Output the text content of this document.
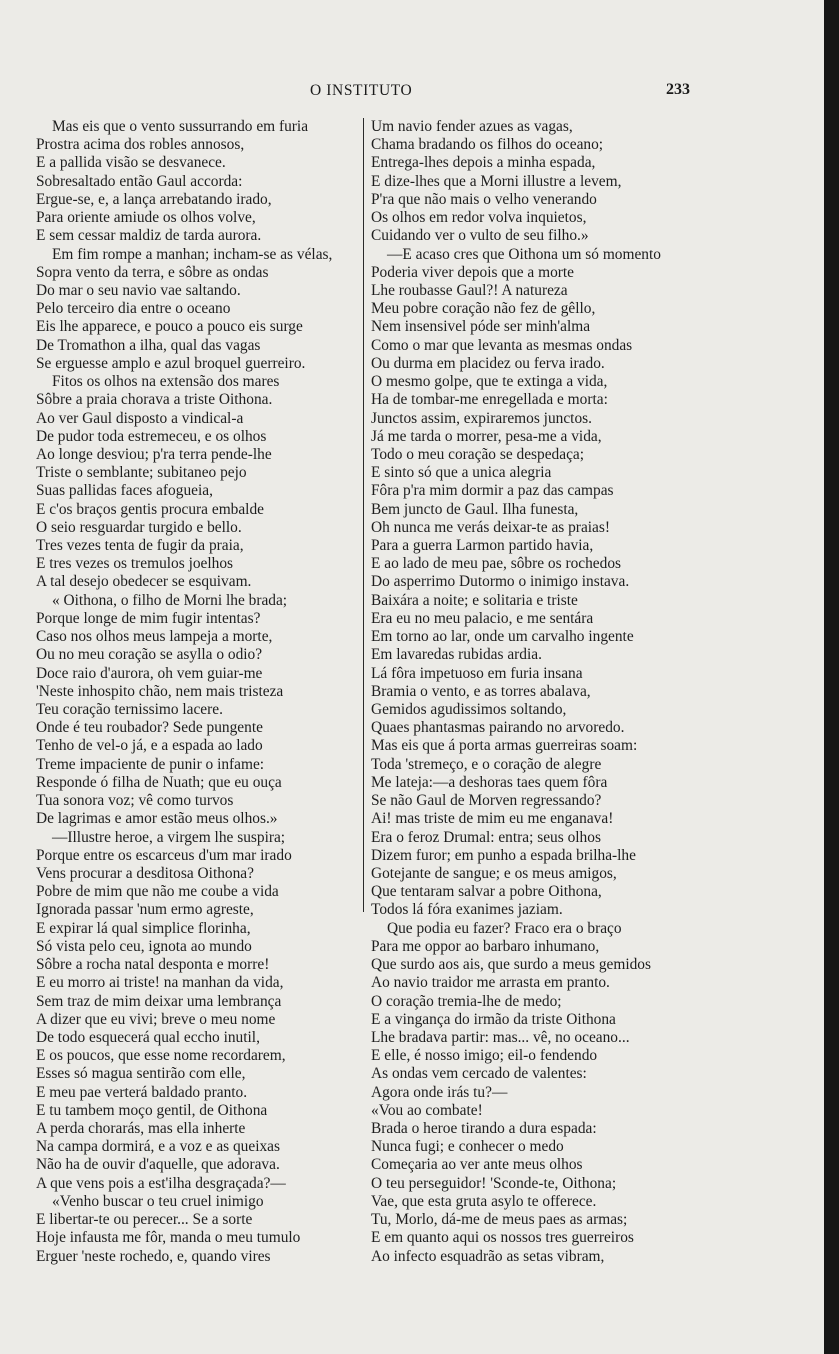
O INSTITUTO	233
Mas eis que o vento sussurrando em furia
Prostra acima dos robles annosos,
E a pallida visão se desvanece.
Sobresaltado então Gaul accorda:
Ergue-se, e, a lança arrebatando irado,
Para oriente amiude os olhos volve,
E sem cessar maldiz de tarda aurora.
Em fim rompe a manhan; incham-se as vélas,
Sopra vento da terra, e sôbre as ondas
Do mar o seu navio vae saltando.
Pelo terceiro dia entre o oceano
Eis lhe apparece, e pouco a pouco eis surge
De Tromathon a ilha, qual das vagas
Se erguesse amplo e azul broquel guerreiro.
Fitos os olhos na extensão dos mares
Sôbre a praia chorava a triste Oithona.
Ao ver Gaul disposto a vindical-a
De pudor toda estremeceu, e os olhos
Ao longe desviou; p'ra terra pende-lhe
Triste o semblante; subitaneo pejo
Suas pallidas faces afogueia,
E c'os braços gentis procura embalde
O seio resguardar turgido e bello.
Tres vezes tenta de fugir da praia,
E tres vezes os tremulos joelhos
A tal desejo obedecer se esquivam.
« Oithona, o filho de Morni lhe brada;
Porque longe de mim fugir intentas?
Caso nos olhos meus lampeja a morte,
Ou no meu coração se asylla o odio?
Doce raio d'aurora, oh vem guiar-me
'Neste inhospito chão, nem mais tristeza
Teu coração ternissimo lacere.
Onde é teu roubador? Sede pungente
Tenho de vel-o já, e a espada ao lado
Treme impaciente de punir o infame:
Responde ó filha de Nuath; que eu ouça
Tua sonora voz; vê como turvos
De lagrimas e amor estão meus olhos.»
—Illustre heroe, a virgem lhe suspira;
Porque entre os escarceus d'um mar irado
Vens procurar a desditosa Oithona?
Pobre de mim que não me coube a vida
Ignorada passar 'num ermo agreste,
E expirar lá qual simplice florinha,
Só vista pelo ceu, ignota ao mundo
Sôbre a rocha natal desponta e morre!
E eu morro ai triste! na manhan da vida,
Sem traz de mim deixar uma lembrança
A dizer que eu vivi; breve o meu nome
De todo esquecerá qual eccho inutil,
E os poucos, que esse nome recordarem,
Esses só magua sentirão com elle,
E meu pae verterá baldado pranto.
E tu tambem moço gentil, de Oithona
A perda chorarás, mas ella inherte
Na campa dormirá, e a voz e as queixas
Não ha de ouvir d'aquelle, que adorava.
A que vens pois a est'ilha desgraçada?—
«Venho buscar o teu cruel inimigo
E libertar-te ou perecer... Se a sorte
Hoje infausta me fôr, manda o meu tumulo
Erguer 'neste rochedo, e, quando vires
Um navio fender azues as vagas,
Chama bradando os filhos do oceano;
Entrega-lhes depois a minha espada,
E dize-lhes que a Morni illustre a levem,
P'ra que não mais o velho venerando
Os olhos em redor volva inquietos,
Cuidando ver o vulto de seu filho.»
—E acaso cres que Oithona um só momento
Poderia viver depois que a morte
Lhe roubasse Gaul?! A natureza
Meu pobre coração não fez de gêllo,
Nem insensivel póde ser minh'alma
Como o mar que levanta as mesmas ondas
Ou durma em placidez ou ferva irado.
O mesmo golpe, que te extinga a vida,
Ha de tombar-me enregellada e morta:
Junctos assim, expiraremos junctos.
Já me tarda o morrer, pesa-me a vida,
Todo o meu coração se despedaça;
E sinto só que a unica alegria
Fôra p'ra mim dormir a paz das campas
Bem juncto de Gaul. Ilha funesta,
Oh nunca me verás deixar-te as praias!
Para a guerra Larmon partido havia,
E ao lado de meu pae, sôbre os rochedos
Do asperrimo Dutormo o inimigo instava.
Baixára a noite; e solitaria e triste
Era eu no meu palacio, e me sentára
Em torno ao lar, onde um carvalho ingente
Em lavaredas rubidas ardia.
Lá fôra impetuoso em furia insana
Bramia o vento, e as torres abalava,
Gemidos agudissimos soltando,
Quaes phantasmas pairando no arvoredo.
Mas eis que á porta armas guerreiras soam:
Toda 'stremeço, e o coração de alegre
Me lateja:—a deshoras taes quem fôra
Se não Gaul de Morven regressando?
Ai! mas triste de mim eu me enganava!
Era o feroz Drumal: entra; seus olhos
Dizem furor; em punho a espada brilha-lhe
Gotejante de sangue; e os meus amigos,
Que tentaram salvar a pobre Oithona,
Todos lá fóra exanimes jaziam.
Que podia eu fazer? Fraco era o braço
Para me oppor ao barbaro inhumano,
Que surdo aos ais, que surdo a meus gemidos
Ao navio traidor me arrasta em pranto.
O coração tremia-lhe de medo;
E a vingança do irmão da triste Oithona
Lhe bradava partir: mas... vê, no oceano...
E elle, é nosso imigo; eil-o fendendo
As ondas vem cercado de valentes:
Agora onde irás tu?—
«Vou ao combate!
Brada o heroe tirando a dura espada:
Nunca fugi; e conhecer o medo
Começaria ao ver ante meus olhos
O teu perseguidor! 'Sconde-te, Oithona;
Vae, que esta gruta asylo te offerece.
Tu, Morlo, dá-me de meus paes as armas;
E em quanto aqui os nossos tres guerreiros
Ao infecto esquadrão as setas vibram,
